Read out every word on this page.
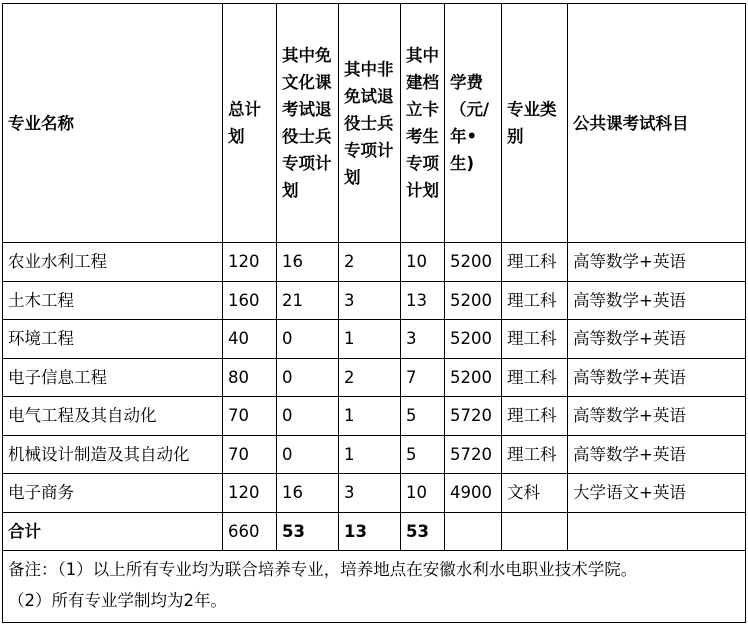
专业名称	总计划	其中免文化课考试退役士兵专项计划	其中非免试退役士兵专项计划	其中建档立卡考生专项计划	学费（元/年•生)	专业类别	公共课考试科目
农业水利工程	120	16	2	10	5200	理工科	高等数学+英语
土木工程	160	21	3	13	5200	理工科	高等数学+英语
环境工程	40	0	1	3	5200	理工科	高等数学+英语
电子信息工程	80	0	2	7	5200	理工科	高等数学+英语
电气工程及其自动化	70	0	1	5	5720	理工科	高等数学+英语
机械设计制造及其自动化	70	0	1	5	5720	理工科	高等数学+英语
电子商务	120	16	3	10	4900	文科	大学语文+英语
合计	660	53	13	53			

备注：（1）以上所有专业均为联合培养专业，培养地点在安徽水利水电职业技术学院。
（2）所有专业学制均为2年。							
